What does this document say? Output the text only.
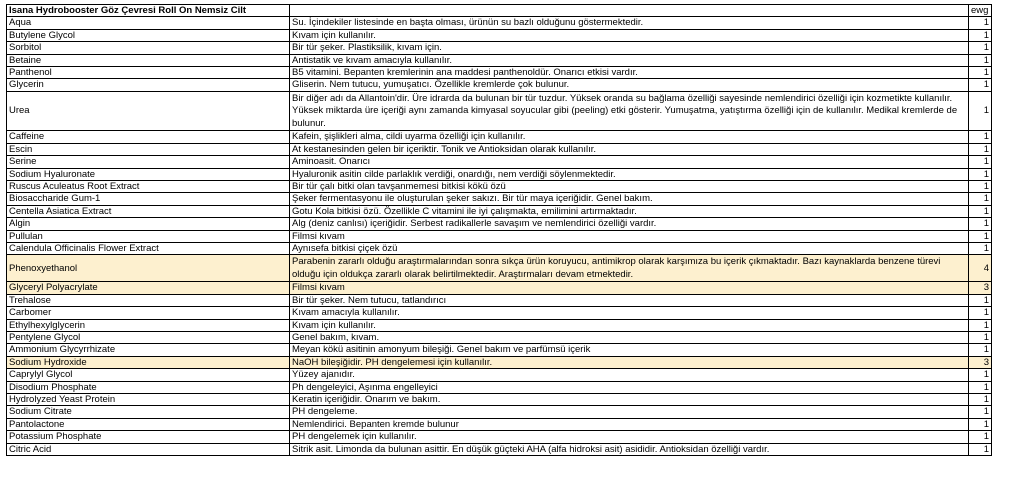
Isana Hydrobooster Göz Çevresi Roll On Nemsiz Cilt		ewg
Aqua	Su. İçindekiler listesinde en başta olması, ürünün su bazlı olduğunu göstermektedir.	1
Butylene Glycol	Kıvam için kullanılır.	1
Sorbitol	Bir tür şeker. Plastiksilik, kıvam için.	1
Betaine	Antistatik ve kıvam amacıyla kullanılır.	1
Panthenol	B5 vitamini. Bepanten kremlerinin ana maddesi panthenoldür. Onarıcı etkisi vardır.	1
Glycerin	Gliserin. Nem tutucu, yumuşatıcı. Özellikle kremlerde çok bulunur.	1
Urea	Bir diğer adı da Allantoin'dir. Üre idrarda da bulunan bir tür tuzdur. Yüksek oranda su bağlama özelliği sayesinde nemlendirici özelliği için kozmetikte kullanılır. Yüksek miktarda üre içeriği aynı zamanda kimyasal soyucular gibi (peeling) etki gösterir. Yumuşatma, yatıştırma özelliği için de kullanılır. Medikal kremlerde de bulunur.	1
Caffeine	Kafein, şişlikleri alma, cildi uyarma özelliği için kullanılır.	1
Escin	At kestanesinden gelen bir içeriktir. Tonik ve Antioksidan olarak kullanılır.	1
Serine	Aminoasit. Onarıcı	1
Sodium Hyaluronate	Hyaluronik asitin cilde parlaklık verdiği, onardığı, nem verdiği söylenmektedir.	1
Ruscus Aculeatus Root Extract	Bir tür çalı bitki olan tavşanmemesi bitkisi kökü özü	1
Biosaccharide Gum-1	Şeker fermentasyonu ile oluşturulan şeker sakızı. Bir tür maya içeriğidir. Genel bakım.	1
Centella Asiatica Extract	Gotu Kola bitkisi özü. Özellikle C vitamini ile iyi çalışmakta, emilimini artırmaktadır.	1
Algin	Alg (deniz canlısı) içeriğidir. Serbest radikallerle savaşım ve nemlendirici özelliği vardır.	1
Pullulan	Filmsi kıvam	1
Calendula Officinalis Flower Extract	Aynısefa bitkisi çiçek özü	1
Phenoxyethanol	Parabenin zararlı olduğu araştırmalarından sonra sıkça ürün koruyucu, antimikrop olarak karşımıza bu içerik çıkmaktadır. Bazı kaynaklarda benzene türevi olduğu için oldukça zararlı olarak belirtilmektedir. Araştırmaları devam etmektedir.	4
Glyceryl Polyacrylate	Filmsi kıvam	3
Trehalose	Bir tür şeker. Nem tutucu, tatlandırıcı	1
Carbomer	Kıvam amacıyla kullanılır.	1
Ethylhexylglycerin	Kıvam için kullanılır.	1
Pentylene Glycol	Genel bakım, kıvam.	1
Ammonium Glycyrrhizate	Meyan kökü asitinin amonyum bileşiği. Genel bakım ve parfümsü içerik	1
Sodium Hydroxide	NaOH bileşiğidir. PH dengelemesi için kullanılır.	3
Caprylyl Glycol	Yüzey ajanıdır.	1
Disodium Phosphate	Ph dengeleyici, Aşınma engelleyici	1
Hydrolyzed Yeast Protein	Keratin içeriğidir. Onarım ve bakım.	1
Sodium Citrate	PH dengeleme.	1
Pantolactone	Nemlendirici. Bepanten kremde bulunur	1
Potassium Phosphate	PH dengelemek için kullanılır.	1
Citric Acid	Sitrik asit. Limonda da bulunan asittir. En düşük güçteki AHA (alfa hidroksi asit) asididir. Antioksidan özelliği vardır.	1
